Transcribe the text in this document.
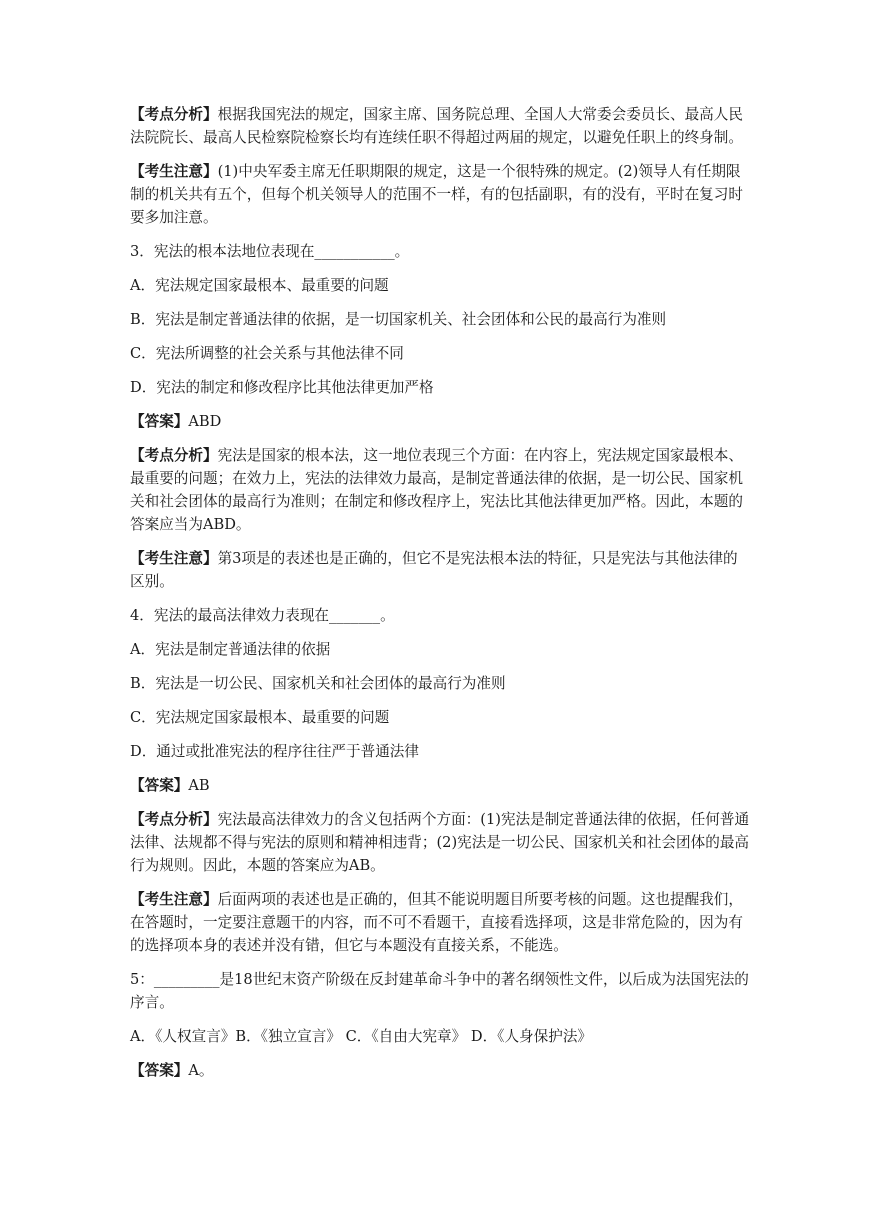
【考点分析】根据我国宪法的规定，国家主席、国务院总理、全国人大常委会委员长、最高人民法院院长、最高人民检察院检察长均有连续任职不得超过两届的规定，以避免任职上的终身制。

【考生注意】(1)中央军委主席无任职期限的规定，这是一个很特殊的规定。(2)领导人有任期限制的机关共有五个，但每个机关领导人的范围不一样，有的包括副职，有的没有，平时在复习时要多加注意。

3．宪法的根本法地位表现在___________。

A．宪法规定国家最根本、最重要的问题

B．宪法是制定普通法律的依据，是一切国家机关、社会团体和公民的最高行为准则

C．宪法所调整的社会关系与其他法律不同

D．宪法的制定和修改程序比其他法律更加严格

【答案】ABD

【考点分析】宪法是国家的根本法，这一地位表现三个方面：在内容上，宪法规定国家最根本、最重要的问题；在效力上，宪法的法律效力最高，是制定普通法律的依据，是一切公民、国家机关和社会团体的最高行为准则；在制定和修改程序上，宪法比其他法律更加严格。因此，本题的答案应当为ABD。

【考生注意】第3项是的表述也是正确的，但它不是宪法根本法的特征，只是宪法与其他法律的区别。

4．宪法的最高法律效力表现在_______。

A．宪法是制定普通法律的依据

B．宪法是一切公民、国家机关和社会团体的最高行为准则

C．宪法规定国家最根本、最重要的问题

D．通过或批准宪法的程序往往严于普通法律

【答案】AB

【考点分析】宪法最高法律效力的含义包括两个方面：(1)宪法是制定普通法律的依据，任何普通法律、法规都不得与宪法的原则和精神相违背；(2)宪法是一切公民、国家机关和社会团体的最高行为规则。因此，本题的答案应为AB。

【考生注意】后面两项的表述也是正确的，但其不能说明题目所要考核的问题。这也提醒我们，在答题时，一定要注意题干的内容，而不可不看题干，直接看选择项，这是非常危险的，因为有的选择项本身的表述并没有错，但它与本题没有直接关系，不能选。

5：_________是18世纪末资产阶级在反封建革命斗争中的著名纲领性文件，以后成为法国宪法的序言。

A．《人权宣言》B．《独立宣言》 C．《自由大宪章》 D．《人身保护法》

【答案】A。
